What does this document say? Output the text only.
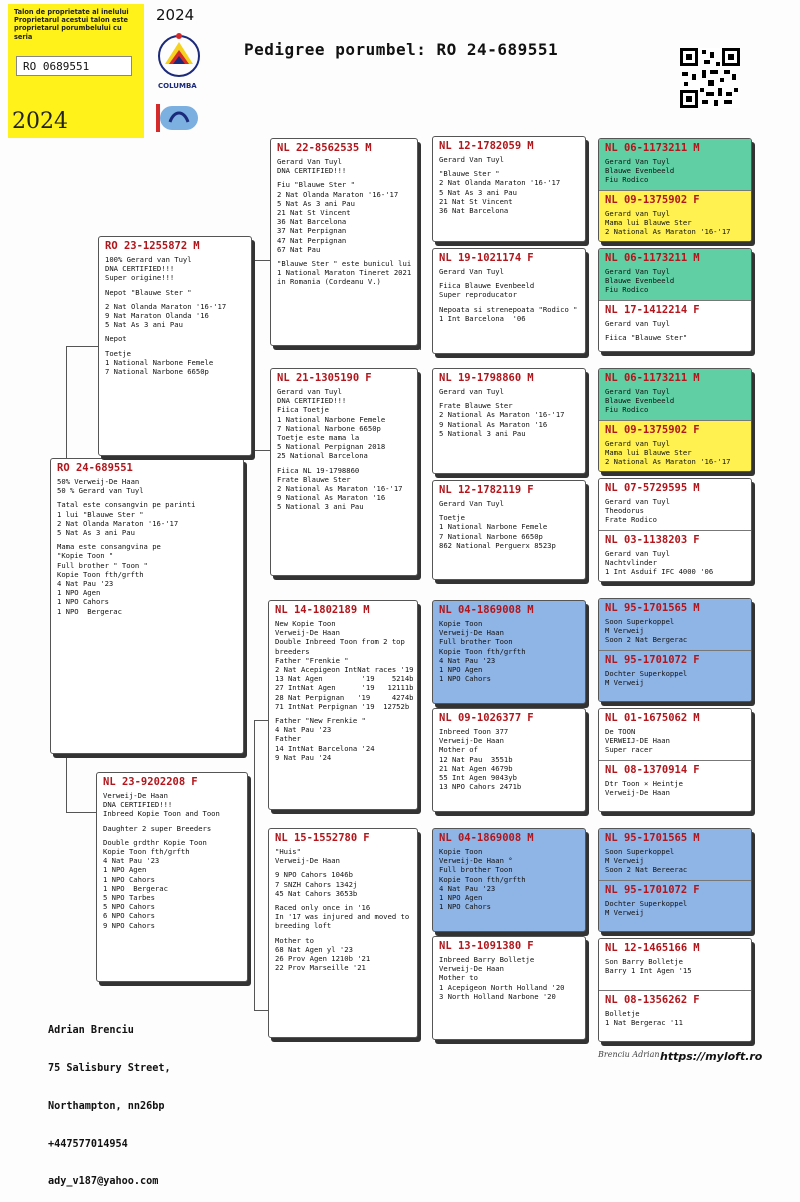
Talon de proprietate al inelului
Proprietarul acestui talon este
proprietarul porumbelului cu seria
RO 0689551
2024
2024
COLUMBA
Pedigree porumbel: RO 24-689551
RO 24-689551
50% Verweij-De Haan
50 % Gerard van Tuyl
Tatal este consangvin pe parinti
1 lui "Blauwe Ster "
2 Nat Olanda Maraton '16-'17
5 Nat As 3 ani Pau
Mama este consangvina pe
"Kopie Toon "
Full brother " Toon "
Kopie Toon fth/grfth
4 Nat Pau '23
1 NPO Agen
1 NPO Cahors
1 NPO  Bergerac
RO 23-1255872 M
100% Gerard van Tuyl
DNA CERTIFIED!!!
Super origine!!!
Nepot "Blauwe Ster "
2 Nat Olanda Maraton '16-'17
9 Nat Maraton Olanda '16
5 Nat As 3 ani Pau
Nepot
Toetje
1 National Narbone Femele
7 National Narbone 6650p
NL 23-9202208 F
Verweij-De Haan
DNA CERTIFIED!!!
Inbreed Kopie Toon and Toon
Daughter 2 super Breeders
Double grdthr Kopie Toon
Kopie Toon fth/grfth
4 Nat Pau '23
1 NPO Agen
1 NPO Cahors
1 NPO  Bergerac
5 NPO Tarbes
5 NPO Cahors
6 NPO Cahors
9 NPO Cahors
NL 22-8562535 M
Gerard Van Tuyl
DNA CERTIFIED!!!
Fiu "Blauwe Ster "
2 Nat Olanda Maraton '16-'17
5 Nat As 3 ani Pau
21 Nat St Vincent
36 Nat Barcelona
37 Nat Perpignan
47 Nat Perpignan
67 Nat Pau
"Blauwe Ster " este bunicul lui
1 National Maraton Tineret 2021
in Romania (Cordeanu V.)
NL 21-1305190 F
Gerard van Tuyl
DNA CERTIFIED!!!
Fiica Toetje
1 National Narbone Femele
7 National Narbone 6650p
Toetje este mama la
5 National Perpignan 2018
25 National Barcelona
Fiica NL 19-1798860
Frate Blauwe Ster
2 National As Maraton '16-'17
9 National As Maraton '16
5 National 3 ani Pau
NL 14-1802189 M
New Kopie Toon
Verweij-De Haan
Double Inbreed Toon from 2 top
breeders
Father "Frenkie "
2 Nat Acepigeon IntNat races '19
13 Nat Agen         '19    5214b
27 IntNat Agen      '19   12111b
28 Nat Perpignan   '19     4274b
71 IntNat Perpignan '19  12752b
Father "New Frenkie "
4 Nat Pau '23
Father
14 IntNat Barcelona '24
9 Nat Pau '24
NL 15-1552780 F
"Huis"
Verweij-De Haan
9 NPO Cahors 1046b
7 SNZH Cahors 1342j
45 Nat Cahors 3653b
Raced only once in '16
In '17 was injured and moved to
breeding loft
Mother to
68 Nat Agen yl '23
26 Prov Agen 1210b '21
22 Prov Marseille '21
NL 12-1782059 M
Gerard Van Tuyl
"Blauwe Ster "
2 Nat Olanda Maraton '16-'17
5 Nat As 3 ani Pau
21 Nat St Vincent
36 Nat Barcelona
NL 19-1021174 F
Gerard Van Tuyl
Fiica Blauwe Evenbeeld
Super reproducator
Nepoata si strenepoata "Rodico "
1 Int Barcelona  '06
NL 19-1798860 M
Gerard van Tuyl
Frate Blauwe Ster
2 National As Maraton '16-'17
9 National As Maraton '16
5 National 3 ani Pau
NL 12-1782119 F
Gerard Van Tuyl
Toetje
1 National Narbone Femele
7 National Narbone 6650p
862 National Perguerx 8523p
NL 04-1869008 M
Kopie Toon
Verweij-De Haan
Full brother Toon
Kopie Toon fth/grfth
4 Nat Pau '23
1 NPO Agen
1 NPO Cahors
NL 09-1026377 F
Inbreed Toon 377
Verweij-De Haan
Mother of
12 Nat Pau  3551b
21 Nat Agen 4679b
55 Int Agen 9043yb
13 NPO Cahors 2471b
NL 04-1869008 M
Kopie Toon
Verweij-De Haan °
Full brother Toon
Kopie Toon fth/grfth
4 Nat Pau '23
1 NPO Agen
1 NPO Cahors
NL 13-1091380 F
Inbreed Barry Bolletje
Verweij-De Haan
Mother to
1 Acepigeon North Holland '20
3 North Holland Narbone '20
NL 06-1173211 M
Gerard Van Tuyl
Blauwe Evenbeeld
Fiu Rodico
NL 09-1375902 F
Gerard van Tuyl
Mama lui Blauwe Ster
2 National As Maraton '16-'17
NL 06-1173211 M
Gerard Van Tuyl
Blauwe Evenbeeld
Fiu Rodico
NL 17-1412214 F
Gerard van Tuyl
Fiica "Blauwe Ster"
NL 06-1173211 M
Gerard Van Tuyl
Blauwe Evenbeeld
Fiu Rodico
NL 09-1375902 F
Gerard van Tuyl
Mama lui Blauwe Ster
2 National As Maraton '16-'17
NL 07-5729595 M
Gerard van Tuyl
Theodorus
Frate Rodico
NL 03-1138203 F
Gerard van Tuyl
Nachtvlinder
1 Int Asduif IFC 4000 '06
NL 95-1701565 M
Soon Superkoppel
M Verweij
Soon 2 Nat Bergerac
NL 95-1701072 F
Dochter Superkoppel
M Verweij
NL 01-1675062 M
De TOON
VERWEIJ-DE Haan
Super racer
NL 08-1370914 F
Dtr Toon × Heintje
Verweij-De Haan
NL 95-1701565 M
Soon Superkoppel
M Verweij
Soon 2 Nat Bereerac
NL 95-1701072 F
Dochter Superkoppel
M Verweij
NL 12-1465166 M
Son Barry Bolletje
Barry 1 Int Agen '15
NL 08-1356262 F
Bolletje
1 Nat Bergerac '11

Adrian Brenciu

75 Salisbury Street,

Northampton, nn26bp

+447577014954

ady_v187@yahoo.com

Brenciu Adrian https://myloft.ro
